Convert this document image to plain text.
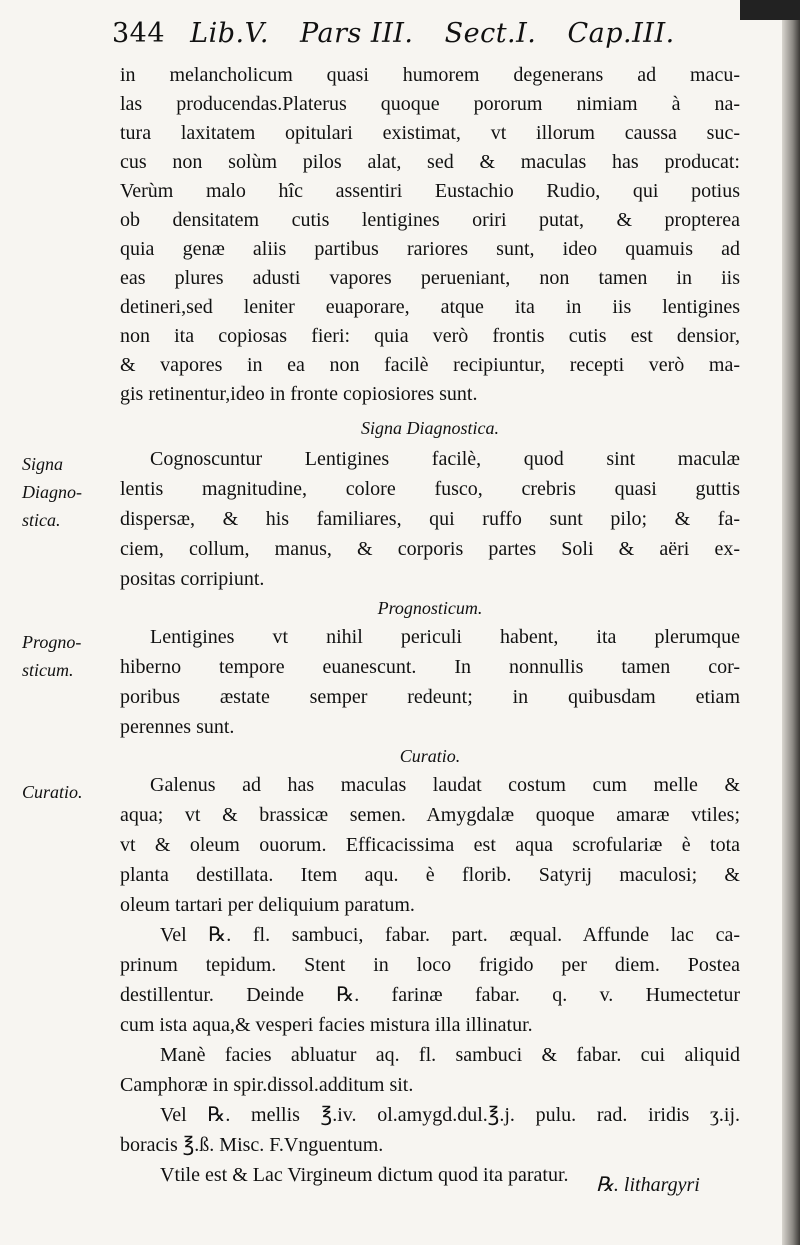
344 Lib.V. Pars III. Sect.I. Cap.III.
in melancholicum quasi humorem degenerans ad macu-
las producendas.Platerus quoque pororum nimiam à na-
tura laxitatem opitulari existimat, vt illorum caussa suc-
cus non solùm pilos alat, sed & maculas has producat:
Verùm malo hîc assentiri Eustachio Rudio, qui potius
ob densitatem cutis lentigines oriri putat, & propterea
quia genæ aliis partibus rariores sunt, ideo quamuis ad
eas plures adusti vapores perueniant, non tamen in iis
detineri,sed leniter euaporare, atque ita in iis lentigines
non ita copiosas fieri: quia verò frontis cutis est densior,
& vapores in ea non facilè recipiuntur, recepti verò ma-
gis retinentur,ideo in fronte copiosiores sunt.
Signa Diagnostica.
Signa
Diagno-
stica.
Cognoscuntur Lentigines facilè, quod sint maculæ
lentis magnitudine, colore fusco, crebris quasi guttis
dispersæ, & his familiares, qui ruffo sunt pilo; & fa-
ciem, collum, manus, & corporis partes Soli & aëri ex-
positas corripiunt.
Prognosticum.
Progno-
sticum.
Lentigines vt nihil periculi habent, ita plerumque
hiberno tempore euanescunt. In nonnullis tamen cor-
poribus æstate semper redeunt; in quibusdam etiam
perennes sunt.
Curatio.
Curatio.	Galenus ad has maculas laudat costum cum melle &
aqua; vt & brassicæ semen. Amygdalæ quoque amaræ vtiles;
vt & oleum ouorum. Efficacissima est aqua scrofulariæ è tota
planta destillata. Item aqu. è florib. Satyrij maculosi; &
oleum tartari per deliquium paratum.
Vel ℞. fl. sambuci, fabar. part. æqual. Affunde lac ca-
prinum tepidum. Stent in loco frigido per diem. Postea
destillentur. Deinde ℞. farinæ fabar. q. v. Humectetur
cum ista aqua,& vesperi facies mistura illa illinatur.
Manè facies abluatur aq. fl. sambuci & fabar. cui aliquid
Camphoræ in spir.dissol.additum sit.
Vel ℞. mellis ℥.iv. ol.amygd.dul.℥.j. pulu. rad. iridis ʒ.ij.
boracis ℥.ß. Misc. F.Vnguentum.
Vtile est & Lac Virgineum dictum quod ita paratur.	℞. lithargyri
